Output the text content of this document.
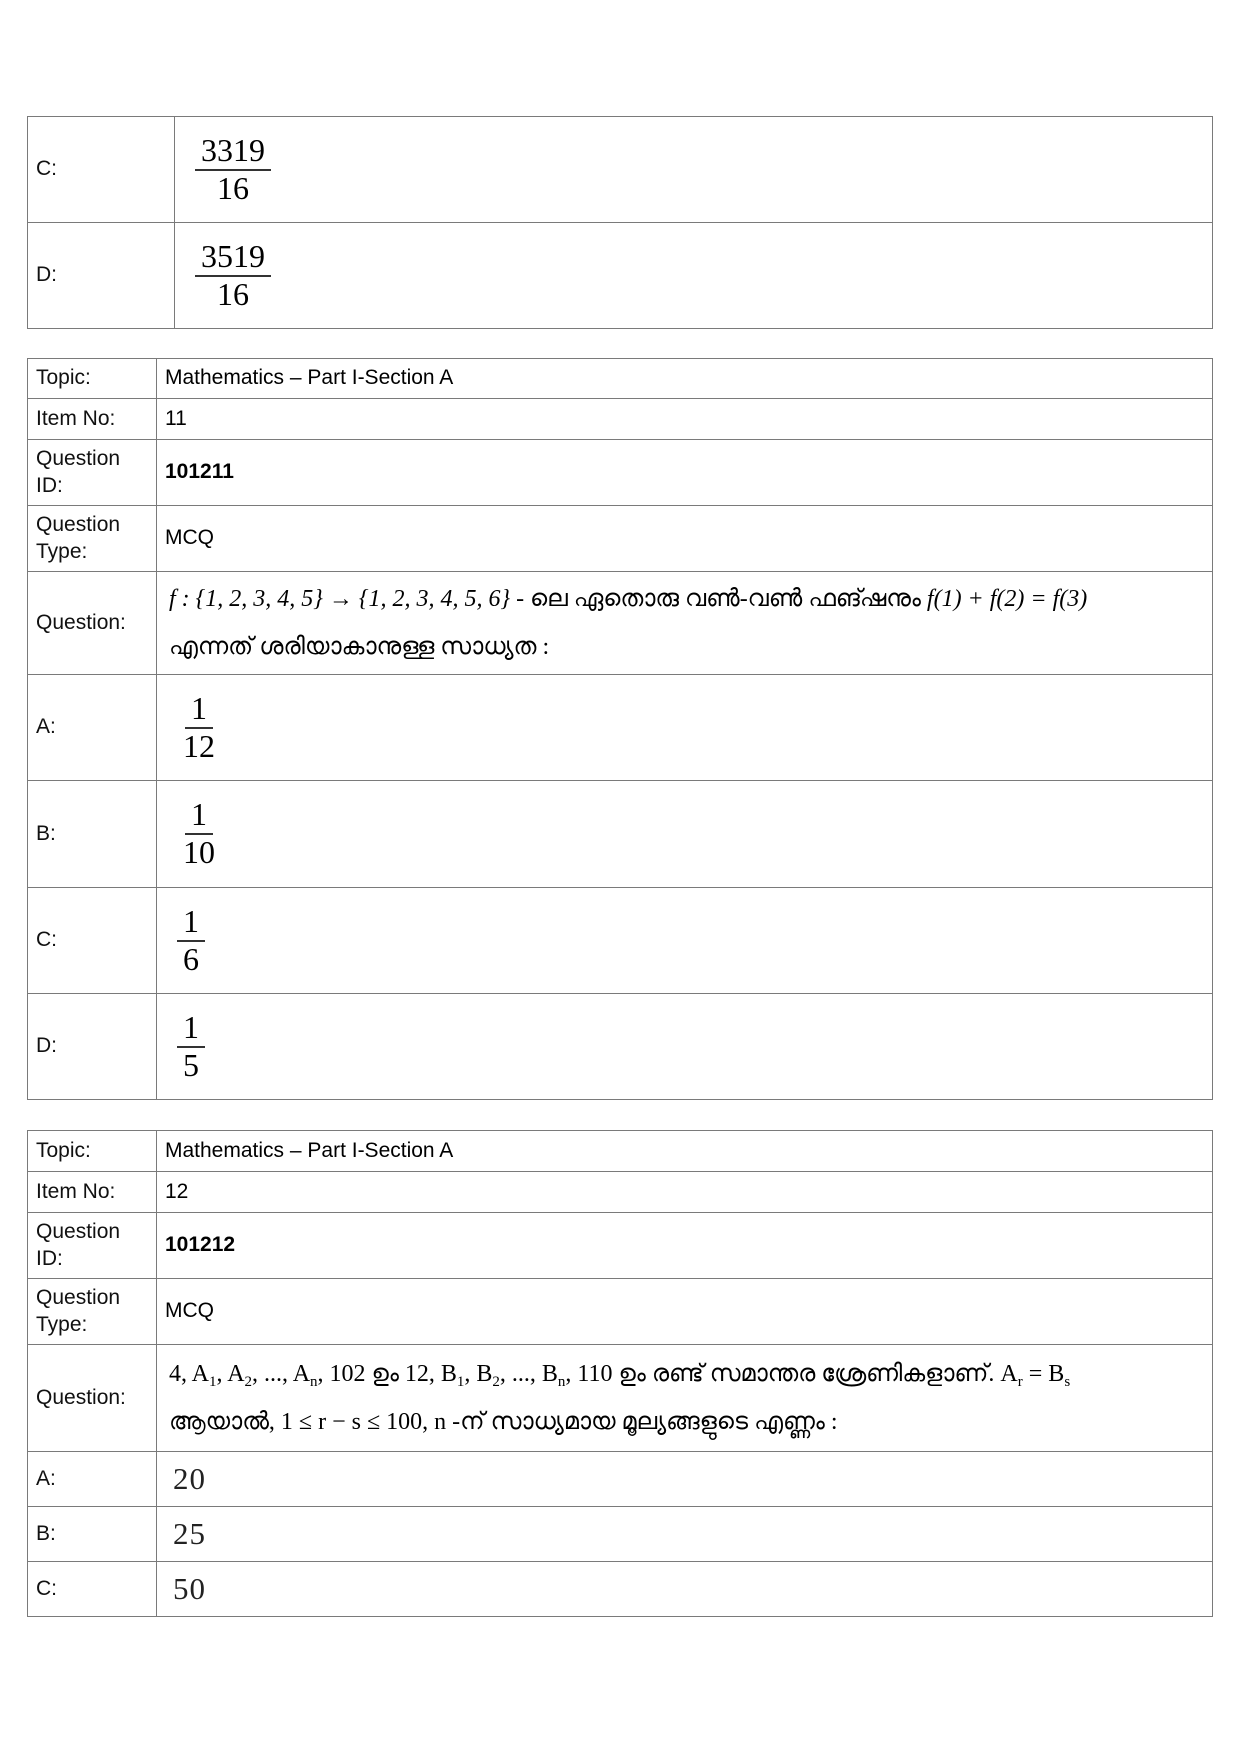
C:	$\frac{3319}{16}$

D:	$\frac{3519}{16}$
Topic:	Mathematics – Part I-Section A
Item No:	11
Question ID:	101211
Question Type:	MCQ
Question:	f : {1, 2, 3, 4, 5} → {1, 2, 3, 4, 5, 6} - ലെ ഏതൊരു വൺ-വൺ ഫങ്ഷനും f(1) + f(2) = f(3)
എന്നത് ശരിയാകാനുള്ള സാധ്യത :

A:	$\frac{1}{12}$

B:	$\frac{1}{10}$

C:	$\frac{1}{6}$

D:	$\frac{1}{5}$
Topic:	Mathematics – Part I-Section A
Item No:	12
Question ID:	101212
Question Type:	MCQ
Question:	4, $A_1$, $A_2$, ..., $A_n$, 102 ഉം 12, $B_1$, $B_2$, ..., $B_n$, 110 ഉം രണ്ട് സമാന്തര ശ്രേണികളാണ്. $A_r = B_s$
ആയാൽ, 1 ≤ r − s ≤ 100, n -ന് സാധ്യമായ മൂല്യങ്ങളുടെ എണ്ണം :

A:	20
B:	25
C:	50
